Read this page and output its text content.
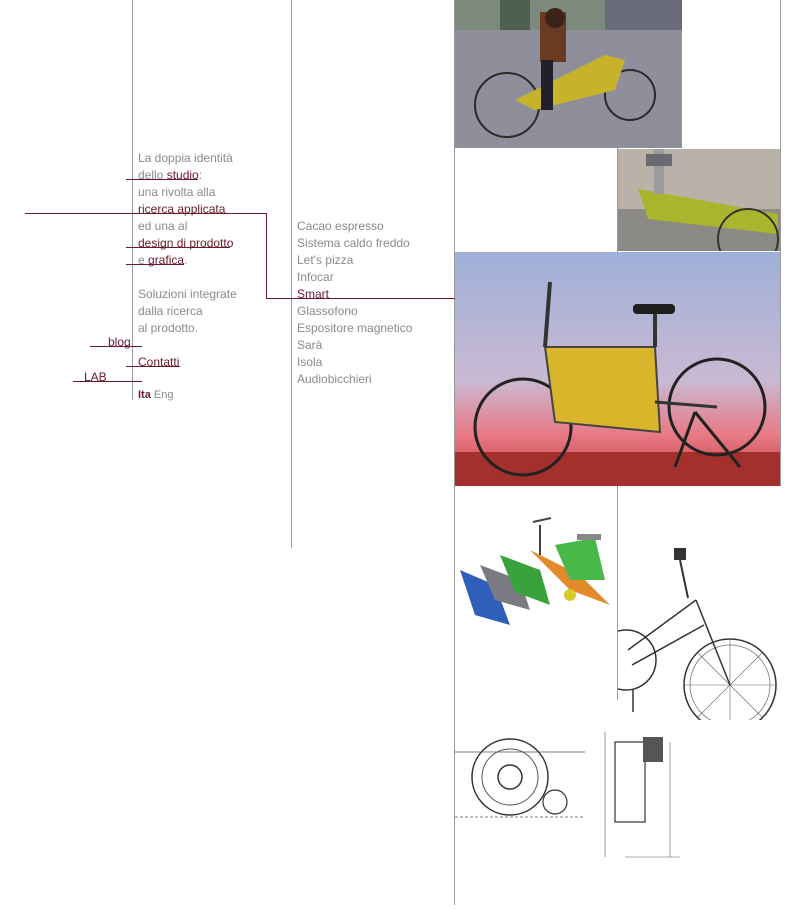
La doppia identità
dello studio:
una rivolta alla
ricerca applicata
ed una al
design di prodotto
e grafica.
Soluzioni integrate
dalla ricerca
al prodotto.
blog
Contatti
LAB
Ita Eng
Cacao espresso
Sistema caldo freddo
Let's pizza
Infocar
Smart
Glassofono
Espositore magnetico
Sarà
Isola
Audiobicchieri
